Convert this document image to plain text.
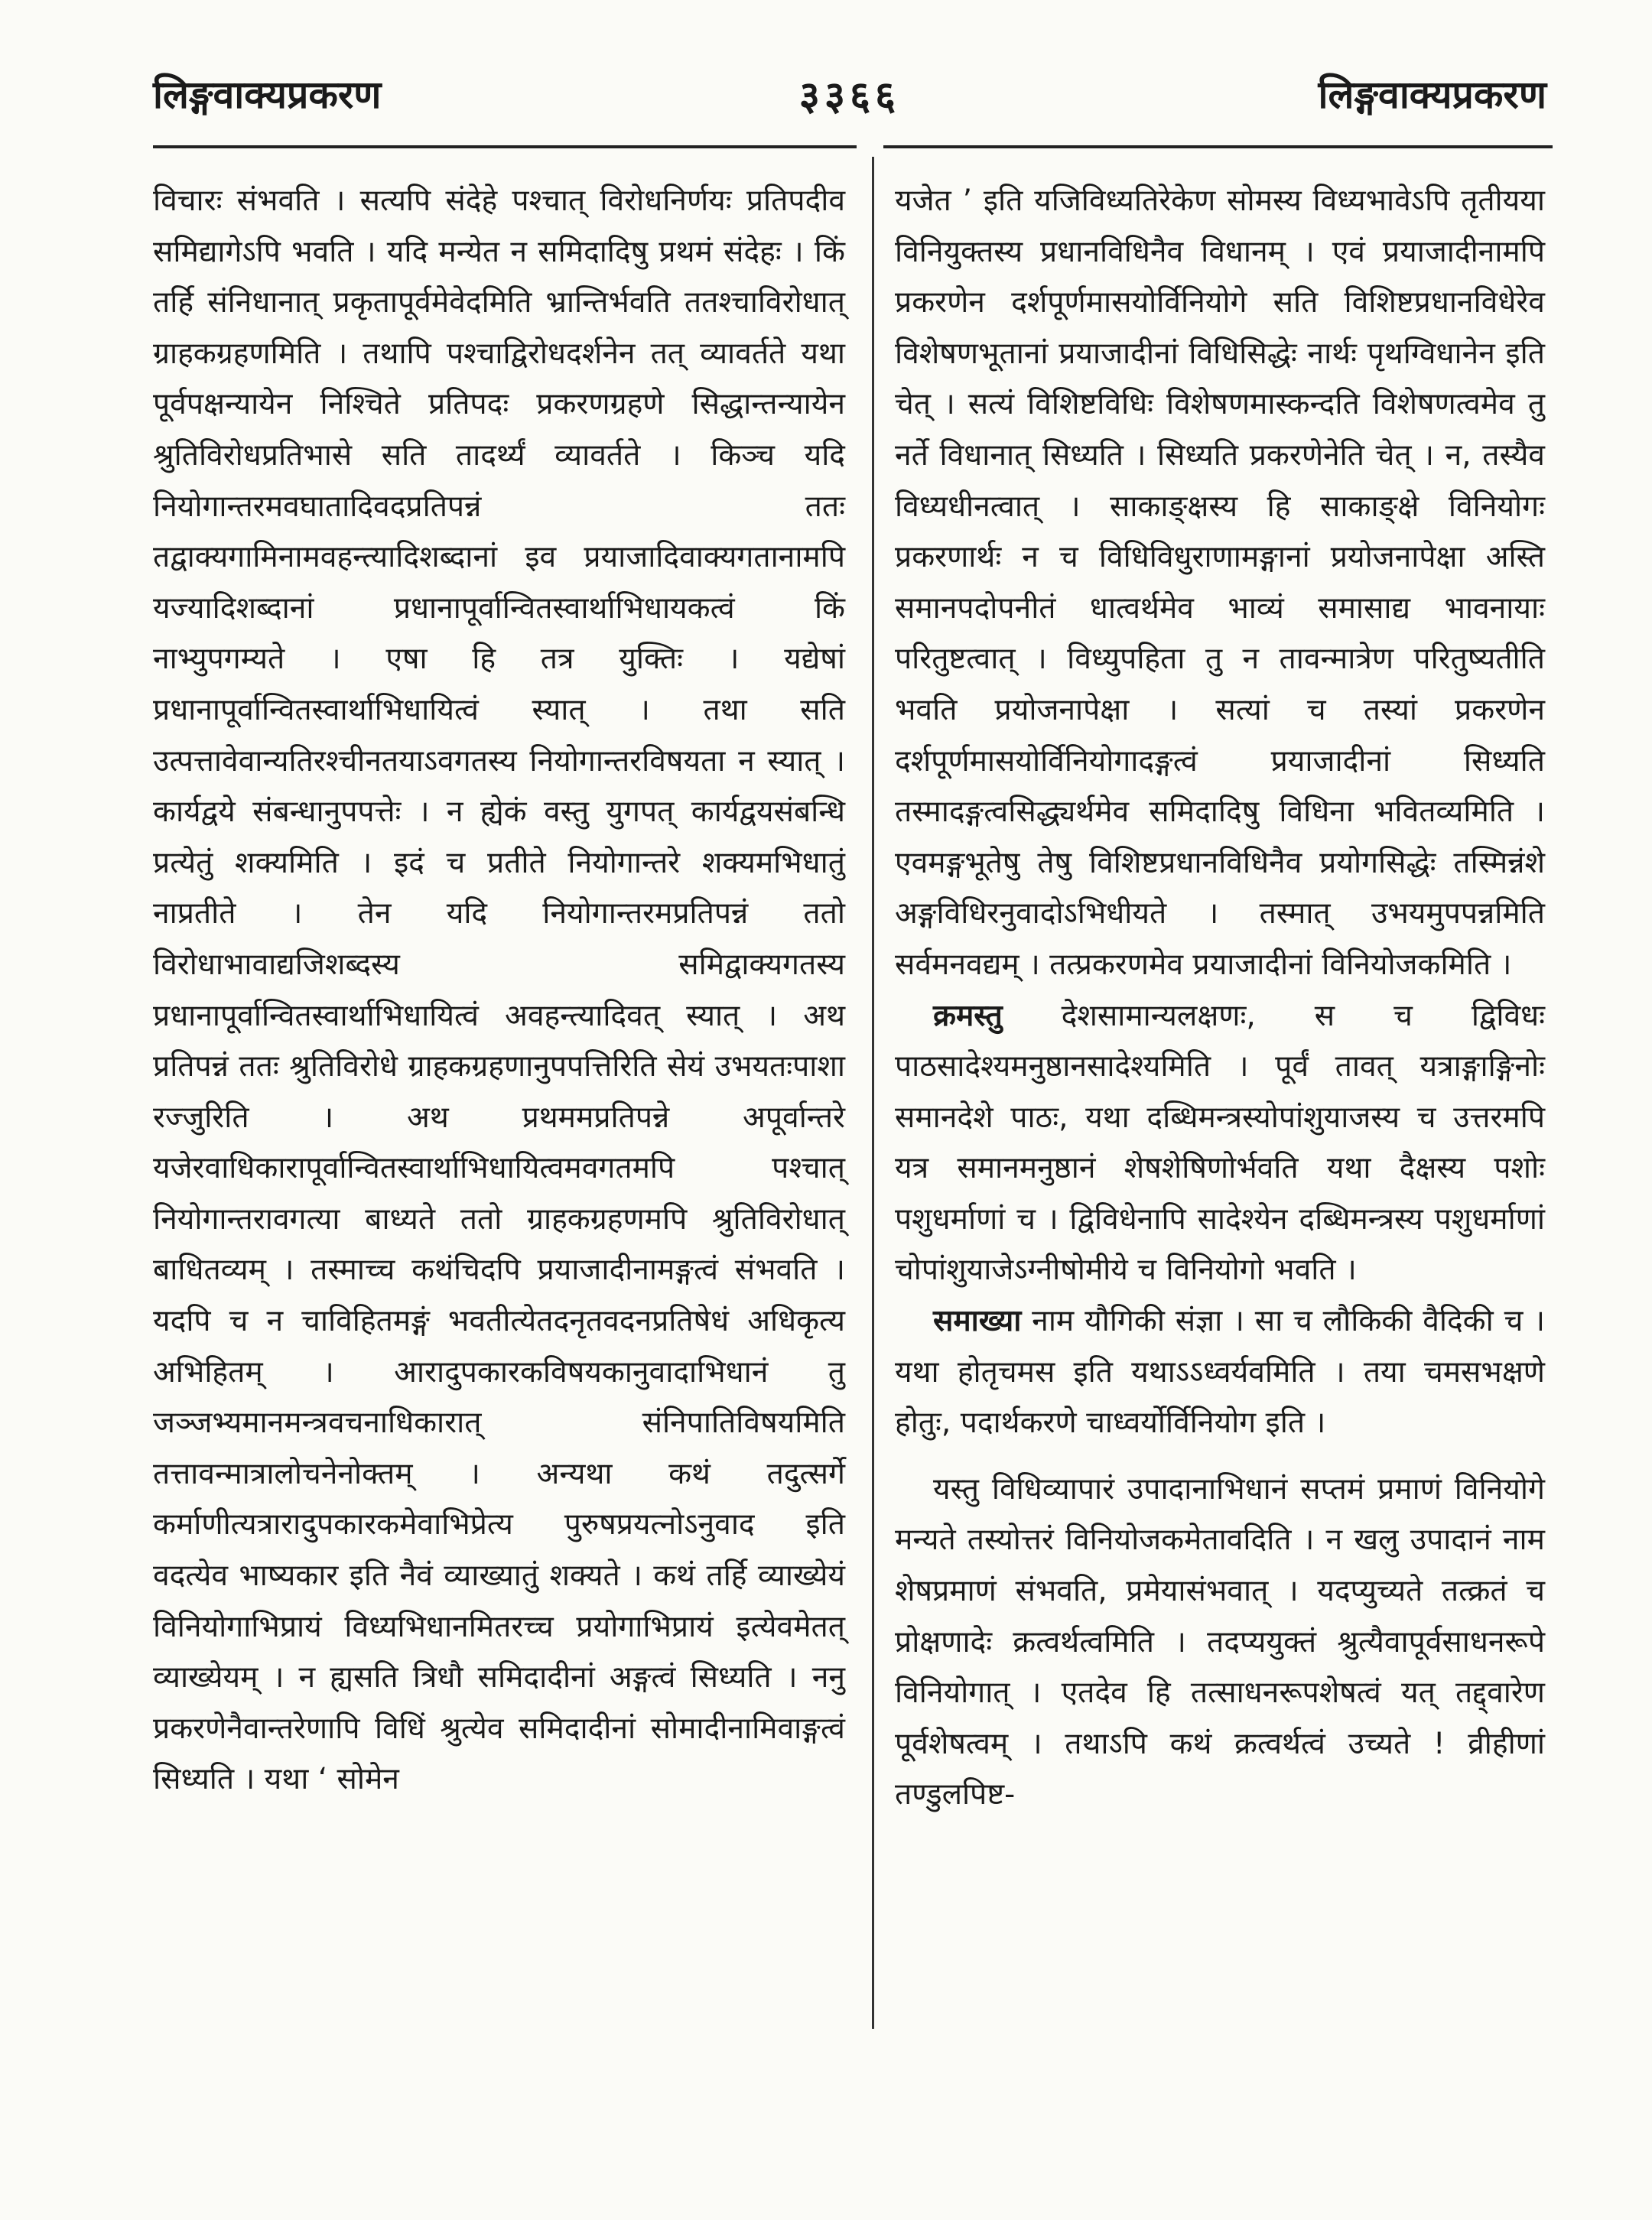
लिङ्गवाक्यप्रकरण	३३६६	लिङ्गवाक्यप्रकरण

विचारः संभवति । सत्यपि संदेहे पश्चात् विरोधनिर्णयः प्रतिपदीव समिद्यागेऽपि भवति । यदि मन्येत न समिदादिषु प्रथमं संदेहः । किं तर्हि संनिधानात् प्रकृतापूर्वमेवेदमिति भ्रान्तिर्भवति ततश्चाविरोधात् ग्राहकग्रहणमिति । तथापि पश्चाद्विरोधदर्शनेन तत् व्यावर्तते यथा पूर्वपक्षन्यायेन निश्चिते प्रतिपदः प्रकरणग्रहणे सिद्धान्तन्यायेन श्रुतिविरोधप्रतिभासे सति तादर्थ्यं व्यावर्तते । किञ्च यदि नियोगान्तरमवघातादिवदप्रतिपन्नं ततः तद्वाक्यगामिनामवहन्त्यादिशब्दानां इव प्रयाजादिवाक्यगतानामपि यज्यादिशब्दानां प्रधानापूर्वान्वितस्वार्थाभिधायकत्वं किं नाभ्युपगम्यते । एषा हि तत्र युक्तिः । यद्येषां प्रधानापूर्वान्वितस्वार्थाभिधायित्वं स्यात् । तथा सति उत्पत्तावेवान्यतिरश्चीनतयाऽवगतस्य नियोगान्तरविषयता न स्यात् । कार्यद्वये संबन्धानुपपत्तेः । न ह्येकं वस्तु युगपत् कार्यद्वयसंबन्धि प्रत्येतुं शक्यमिति । इदं च प्रतीते नियोगान्तरे शक्यमभिधातुं नाप्रतीते । तेन यदि नियोगान्तरमप्रतिपन्नं ततो विरोधाभावाद्यजिशब्दस्य समिद्वाक्यगतस्य प्रधानापूर्वान्वितस्वार्थाभिधायित्वं अवहन्त्यादिवत् स्यात् । अथ प्रतिपन्नं ततः श्रुतिविरोधे ग्राहकग्रहणानुपपत्तिरिति सेयं उभयतःपाशा रज्जुरिति । अथ प्रथममप्रतिपन्ने अपूर्वान्तरे यजेरवाधिकारापूर्वान्वितस्वार्थाभिधायित्वमवगतमपि पश्चात् नियोगान्तरावगत्या बाध्यते ततो ग्राहकग्रहणमपि श्रुतिविरोधात् बाधितव्यम् । तस्माच्च कथंचिदपि प्रयाजादीनामङ्गत्वं संभवति । यदपि च न चाविहितमङ्गं भवतीत्येतदनृतवदनप्रतिषेधं अधिकृत्य अभिहितम् । आरादुपकारकविषयकानुवादाभिधानं तु जञ्जभ्यमानमन्त्रवचनाधिकारात् संनिपातिविषयमिति तत्तावन्मात्रालोचनेनोक्तम् । अन्यथा कथं तदुत्सर्गे कर्माणीत्यत्रारादुपकारकमेवाभिप्रेत्य पुरुषप्रयत्नोऽनुवाद इति वदत्येव भाष्यकार इति नैवं व्याख्यातुं शक्यते । कथं तर्हि व्याख्येयं विनियोगाभिप्रायं विध्यभिधानमितरच्च प्रयोगाभिप्रायं इत्येवमेतत् व्याख्येयम् । न ह्यसति त्रिधौ समिदादीनां अङ्गत्वं सिध्यति । ननु प्रकरणेनैवान्तरेणापि विधिं श्रुत्येव समिदादीनां सोमादीनामिवाङ्गत्वं सिध्यति । यथा ‘ सोमेन

यजेत ’ इति यजिविध्यतिरेकेण सोमस्य विध्यभावेऽपि तृतीयया विनियुक्तस्य प्रधानविधिनैव विधानम् । एवं प्रयाजादीनामपि प्रकरणेन दर्शपूर्णमासयोर्विनियोगे सति विशिष्टप्रधानविधेरेव विशेषणभूतानां प्रयाजादीनां विधिसिद्धेः नार्थः पृथग्विधानेन इति चेत् । सत्यं विशिष्टविधिः विशेषणमास्कन्दति विशेषणत्वमेव तु नर्ते विधानात् सिध्यति । सिध्यति प्रकरणेनेति चेत् । न, तस्यैव विध्यधीनत्वात् । साकाङ्क्षस्य हि साकाङ्क्षे विनियोगः प्रकरणार्थः न च विधिविधुराणामङ्गानां प्रयोजनापेक्षा अस्ति समानपदोपनीतं धात्वर्थमेव भाव्यं समासाद्य भावनायाः परितुष्टत्वात् । विध्युपहिता तु न तावन्मात्रेण परितुष्यतीति भवति प्रयोजनापेक्षा । सत्यां च तस्यां प्रकरणेन दर्शपूर्णमासयोर्विनियोगादङ्गत्वं प्रयाजादीनां सिध्यति तस्मादङ्गत्वसिद्ध्यर्थमेव समिदादिषु विधिना भवितव्यमिति । एवमङ्गभूतेषु तेषु विशिष्टप्रधानविधिनैव प्रयोगसिद्धेः तस्मिन्नंशे अङ्गविधिरनुवादोऽभिधीयते । तस्मात् उभयमुपपन्नमिति सर्वमनवद्यम् । तत्प्रकरणमेव प्रयाजादीनां विनियोजकमिति ।

क्रमस्तु देशसामान्यलक्षणः, स च द्विविधः पाठसादेश्यमनुष्ठानसादेश्यमिति । पूर्वं तावत् यत्राङ्गाङ्गिनोः समानदेशे पाठः, यथा दब्धिमन्त्रस्योपांशुयाजस्य च उत्तरमपि यत्र समानमनुष्ठानं शेषशेषिणोर्भवति यथा दैक्षस्य पशोः पशुधर्माणां च । द्विविधेनापि सादेश्येन दब्धिमन्त्रस्य पशुधर्माणां चोपांशुयाजेऽग्नीषोमीये च विनियोगो भवति ।

समाख्या नाम यौगिकी संज्ञा । सा च लौकिकी वैदिकी च । यथा होतृचमस इति यथाऽऽध्वर्यवमिति । तया चमसभक्षणे होतुः, पदार्थकरणे चाध्वर्योर्विनियोग इति ।

यस्तु विधिव्यापारं उपादानाभिधानं सप्तमं प्रमाणं विनियोगे मन्यते तस्योत्तरं विनियोजकमेतावदिति । न खलु उपादानं नाम शेषप्रमाणं संभवति, प्रमेयासंभवात् । यदप्युच्यते तत्क्रतं च प्रोक्षणादेः क्रत्वर्थत्वमिति । तदप्ययुक्तं श्रुत्यैवापूर्वसाधनरूपे विनियोगात् । एतदेव हि तत्साधनरूपशेषत्वं यत् तद्द्वारेण पूर्वशेषत्वम् । तथाऽपि कथं क्रत्वर्थत्वं उच्यते ! व्रीहीणां तण्डुलपिष्ट-
